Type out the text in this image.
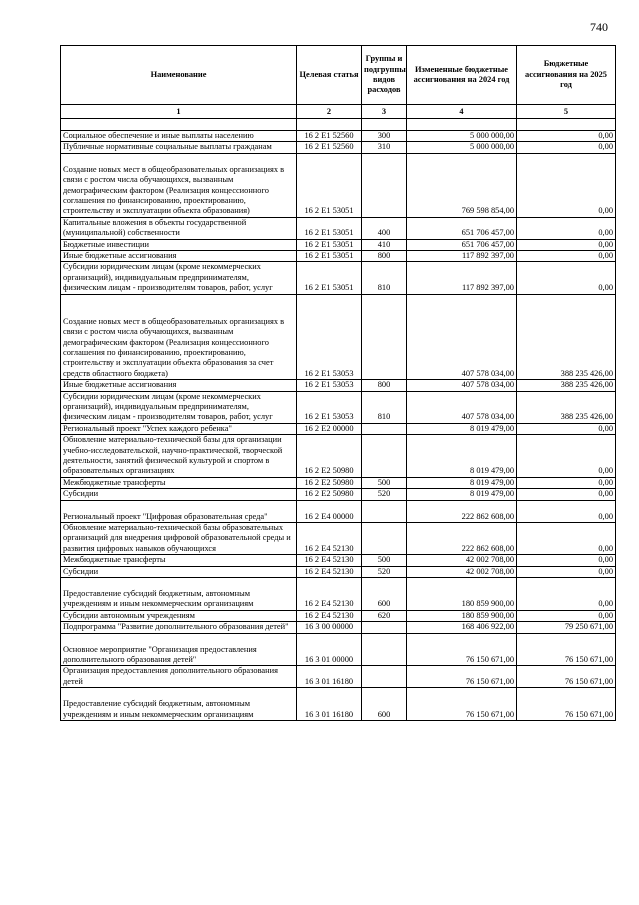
740
Наименование	Целевая статья	Группы и подгруппы видов расходов	Измененные бюджетные ассигнования на 2024 год	Бюджетные ассигнования на 2025 год
1	2	3	4	5

Социальное обеспечение и иные выплаты населению	16 2 E1 52560	300	5 000 000,00	0,00
Публичные нормативные социальные выплаты гражданам	16 2 E1 52560	310	5 000 000,00	0,00
Создание новых мест в общеобразовательных организациях в связи с ростом числа обучающихся, вызванным демографическим фактором (Реализация концессионного соглашения по финансированию, проектированию, строительству и эксплуатации объекта образования)	16 2 E1 53051		769 598 854,00	0,00
Капитальные вложения в объекты государственной (муниципальной) собственности	16 2 E1 53051	400	651 706 457,00	0,00
Бюджетные инвестиции	16 2 E1 53051	410	651 706 457,00	0,00
Иные бюджетные ассигнования	16 2 E1 53051	800	117 892 397,00	0,00
Субсидии юридическим лицам (кроме некоммерческих организаций), индивидуальным предпринимателям, физическим лицам - производителям товаров, работ, услуг	16 2 E1 53051	810	117 892 397,00	0,00
Создание новых мест в общеобразовательных организациях в связи с ростом числа обучающихся, вызванным демографическим фактором (Реализация концессионного соглашения по финансированию, проектированию, строительству и эксплуатации объекта образования за счет средств областного бюджета)	16 2 E1 53053		407 578 034,00	388 235 426,00
Иные бюджетные ассигнования	16 2 E1 53053	800	407 578 034,00	388 235 426,00
Субсидии юридическим лицам (кроме некоммерческих организаций), индивидуальным предпринимателям, физическим лицам - производителям товаров, работ, услуг	16 2 E1 53053	810	407 578 034,00	388 235 426,00
Региональный проект "Успех каждого ребенка"	16 2 E2 00000		8 019 479,00	0,00
Обновление материально-технической базы для организации учебно-исследовательской, научно-практической, творческой деятельности, занятий физической культурой и спортом в образовательных организациях	16 2 E2 50980		8 019 479,00	0,00
Межбюджетные трансферты	16 2 E2 50980	500	8 019 479,00	0,00
Субсидии	16 2 E2 50980	520	8 019 479,00	0,00
Региональный проект "Цифровая образовательная среда"	16 2 E4 00000		222 862 608,00	0,00
Обновление материально-технической базы образовательных организаций для внедрения цифровой образовательной среды и развития цифровых навыков обучающихся	16 2 E4 52130		222 862 608,00	0,00
Межбюджетные трансферты	16 2 E4 52130	500	42 002 708,00	0,00
Субсидии	16 2 E4 52130	520	42 002 708,00	0,00
Предоставление субсидий бюджетным, автономным учреждениям и иным некоммерческим организациям	16 2 E4 52130	600	180 859 900,00	0,00
Субсидии автономным учреждениям	16 2 E4 52130	620	180 859 900,00	0,00
Подпрограмма "Развитие дополнительного образования детей"	16 3 00 00000		168 406 922,00	79 250 671,00
Основное мероприятие "Организация предоставления дополнительного образования детей"	16 3 01 00000		76 150 671,00	76 150 671,00
Организация предоставления дополнительного образования детей	16 3 01 16180		76 150 671,00	76 150 671,00
Предоставление субсидий бюджетным, автономным учреждениям и иным некоммерческим организациям	16 3 01 16180	600	76 150 671,00	76 150 671,00
